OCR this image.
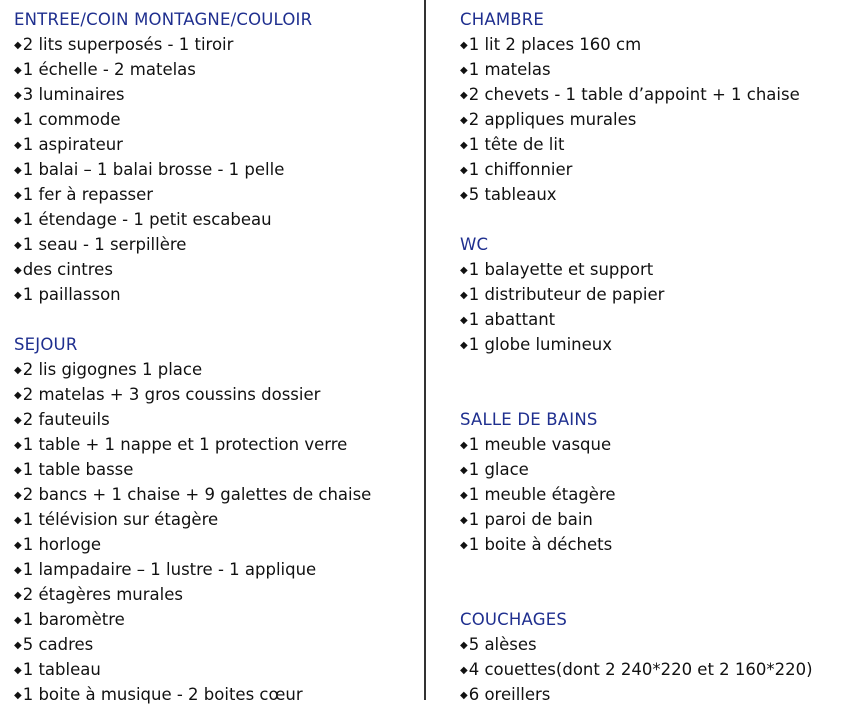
ENTREE/COIN MONTAGNE/COULOIR
◆2 lits superposés - 1 tiroir
◆1 échelle - 2 matelas
◆3 luminaires
◆1 commode
◆1 aspirateur
◆1 balai – 1 balai brosse - 1 pelle
◆1 fer à repasser
◆1 étendage - 1 petit escabeau
◆1 seau - 1 serpillère
◆des cintres
◆1 paillasson
SEJOUR
◆2 lis gigognes 1 place
◆2 matelas + 3 gros coussins dossier
◆2 fauteuils
◆1 table + 1 nappe et 1 protection verre
◆1 table basse
◆2 bancs + 1 chaise + 9 galettes de chaise
◆1 télévision sur étagère
◆1 horloge
◆1 lampadaire – 1 lustre - 1 applique
◆2 étagères murales
◆1 baromètre
◆5 cadres
◆1 tableau
◆1 boite à musique - 2 boites cœur
CHAMBRE
◆1 lit 2 places 160 cm
◆1 matelas
◆2 chevets - 1 table d’appoint + 1 chaise
◆2 appliques murales
◆1 tête de lit
◆1 chiffonnier
◆5 tableaux
WC
◆1 balayette et support
◆1 distributeur de papier
◆1 abattant
◆1 globe lumineux
SALLE DE BAINS
◆1 meuble vasque
◆1 glace
◆1 meuble étagère
◆1 paroi de bain
◆1 boite à déchets
COUCHAGES
◆5 alèses
◆4 couettes(dont 2 240*220 et 2 160*220)
◆6 oreillers
